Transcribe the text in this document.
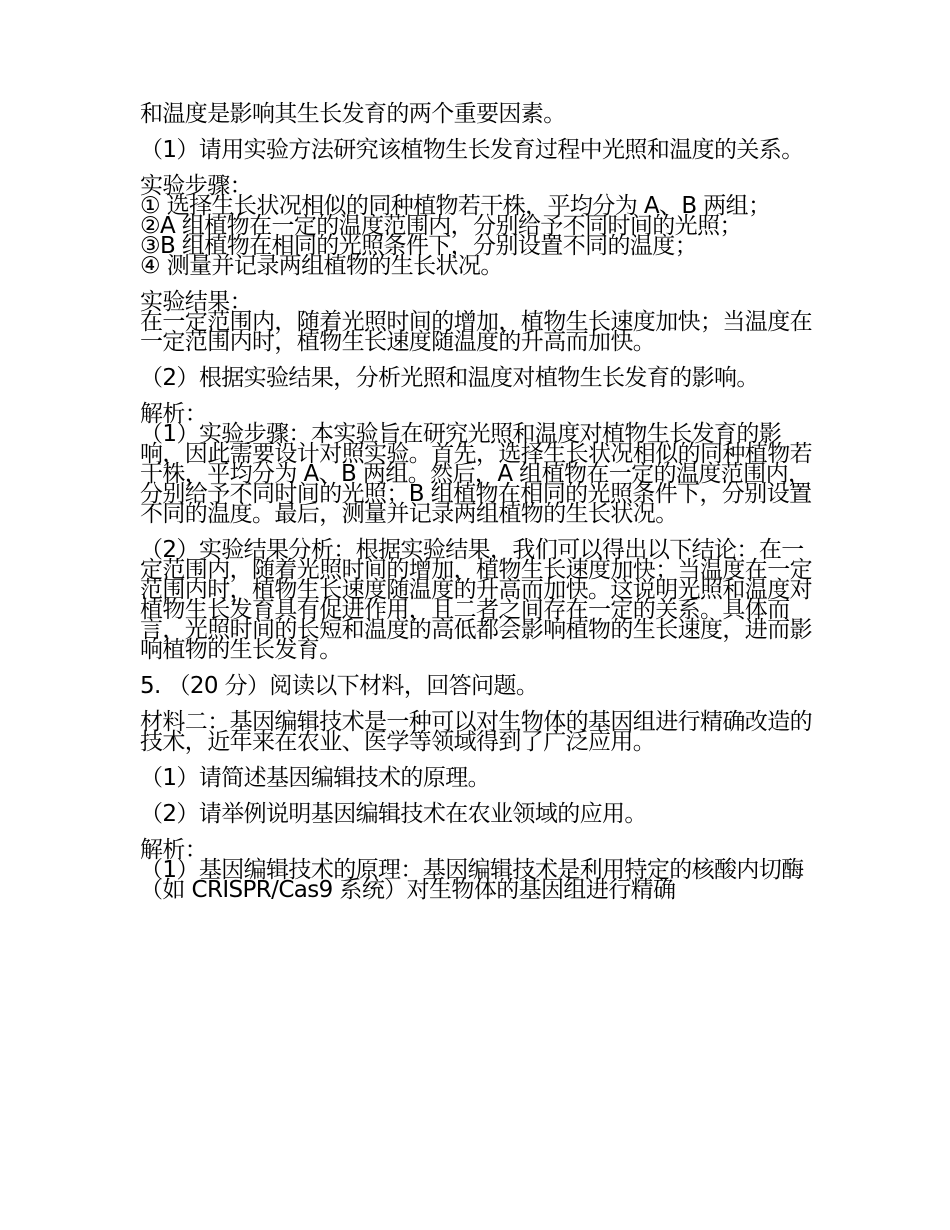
和温度是影响其生长发育的两个重要因素。

（1）请用实验方法研究该植物生长发育过程中光照和温度的关系。

实验步骤：

① 选择生长状况相似的同种植物若干株，平均分为 A、B 两组；

②A 组植物在一定的温度范围内，分别给予不同时间的光照；

③B 组植物在相同的光照条件下，分别设置不同的温度；

④ 测量并记录两组植物的生长状况。

实验结果：

在一定范围内，随着光照时间的增加，植物生长速度加快；当温度在一定范围内时，植物生长速度随温度的升高而加快。

（2）根据实验结果，分析光照和温度对植物生长发育的影响。

解析：

（1）实验步骤：本实验旨在研究光照和温度对植物生长发育的影响，因此需要设计对照实验。首先，选择生长状况相似的同种植物若干株，平均分为 A、B 两组。然后，A 组植物在一定的温度范围内，分别给予不同时间的光照；B 组植物在相同的光照条件下，分别设置不同的温度。最后，测量并记录两组植物的生长状况。

（2）实验结果分析：根据实验结果，我们可以得出以下结论：在一定范围内，随着光照时间的增加，植物生长速度加快；当温度在一定范围内时，植物生长速度随温度的升高而加快。这说明光照和温度对植物生长发育具有促进作用，且二者之间存在一定的关系。具体而言，光照时间的长短和温度的高低都会影响植物的生长速度，进而影响植物的生长发育。

5. （20 分）阅读以下材料，回答问题。

材料二：基因编辑技术是一种可以对生物体的基因组进行精确改造的技术，近年来在农业、医学等领域得到了广泛应用。

（1）请简述基因编辑技术的原理。

（2）请举例说明基因编辑技术在农业领域的应用。

解析：

（1）基因编辑技术的原理：基因编辑技术是利用特定的核酸内切酶（如 CRISPR/Cas9 系统）对生物体的基因组进行精确
